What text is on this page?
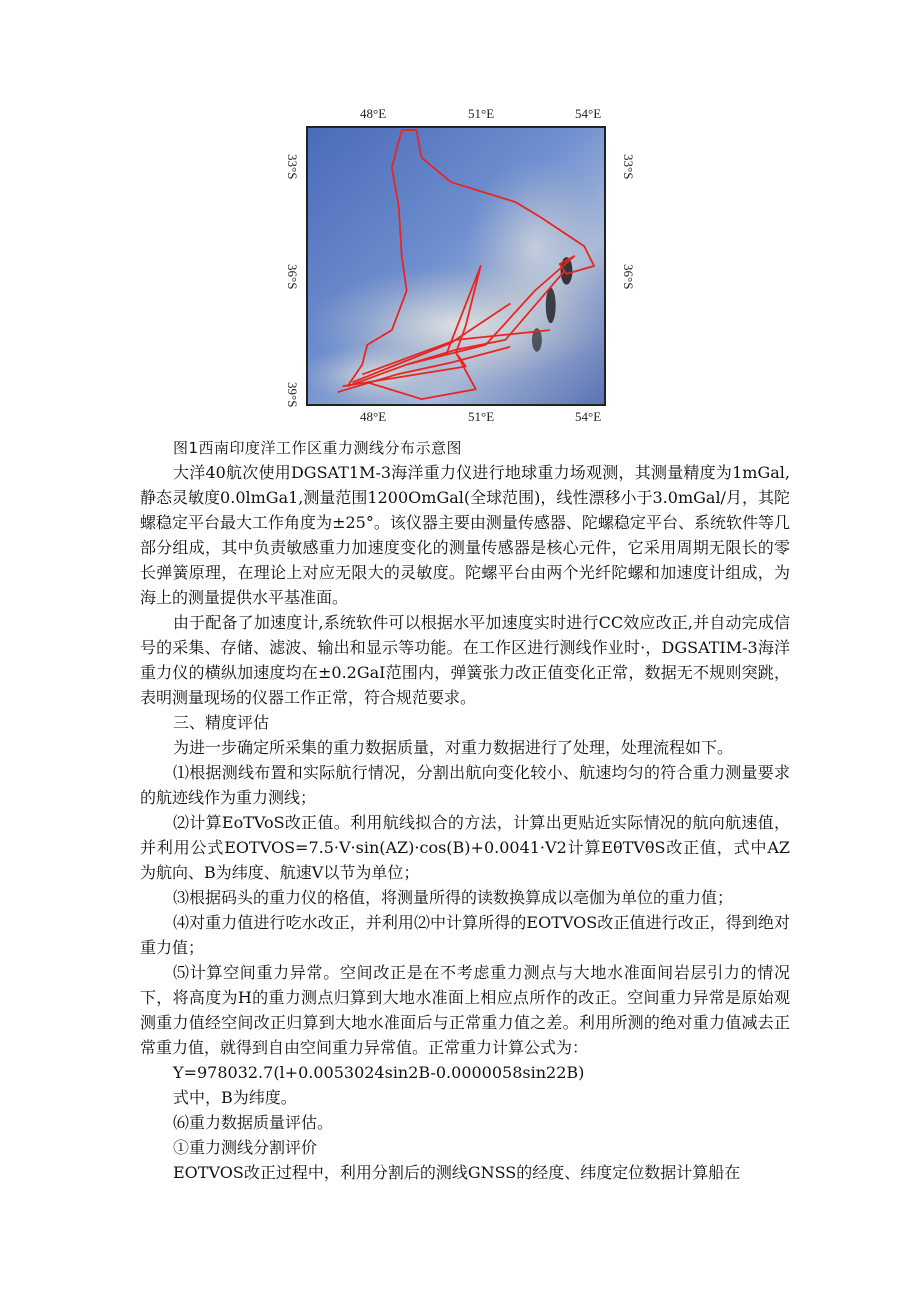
48°E	51°E	54°E
48°E	51°E	54°E
33°S
36°S
39°S
33°S
36°S
图1西南印度洋工作区重力测线分布示意图

大洋40航次使用DGSAT1M-3海洋重力仪进行地球重力场观测，其测量精度为1mGal,静态灵敏度0.0lmGa1,测量范围1200OmGal(全球范围)，线性漂移小于3.0mGal/月，其陀螺稳定平台最大工作角度为±25°。该仪器主要由测量传感器、陀螺稳定平台、系统软件等几部分组成，其中负责敏感重力加速度变化的测量传感器是核心元件，它采用周期无限长的零长弹簧原理，在理论上对应无限大的灵敏度。陀螺平台由两个光纤陀螺和加速度计组成，为海上的测量提供水平基准面。

由于配备了加速度计,系统软件可以根据水平加速度实时进行CC效应改正,并自动完成信号的采集、存储、滤波、输出和显示等功能。在工作区进行测线作业时·，DGSATIM-3海洋重力仪的横纵加速度均在±0.2GaI范围内，弹簧张力改正值变化正常，数据无不规则突跳，表明测量现场的仪器工作正常，符合规范要求。

三、精度评估

为进一步确定所采集的重力数据质量，对重力数据进行了处理，处理流程如下。

⑴根据测线布置和实际航行情况，分割出航向变化较小、航速均匀的符合重力测量要求的航迹线作为重力测线；

⑵计算EoTVoS改正值。利用航线拟合的方法，计算出更贴近实际情况的航向航速值，并利用公式EOTVOS=7.5·V·sin(AZ)·cos(B)+0.0041·V2计算EθTVθS改正值，式中AZ为航向、B为纬度、航速V以节为单位；

⑶根据码头的重力仪的格值，将测量所得的读数换算成以亳伽为单位的重力值；

⑷对重力值进行吃水改正，并利用⑵中计算所得的EOTVOS改正值进行改正，得到绝对重力值；

⑸计算空间重力异常。空间改正是在不考虑重力测点与大地水准面间岩层引力的情况下，将高度为H的重力测点归算到大地水准面上相应点所作的改正。空间重力异常是原始观测重力值经空间改正归算到大地水准面后与正常重力值之差。利用所测的绝对重力值减去正常重力值，就得到自由空间重力异常值。正常重力计算公式为：

Y=978032.7(l+0.0053024sin2B-0.0000058sin22B)

式中，B为纬度。

⑹重力数据质量评估。

①重力测线分割评价

EOTVOS改正过程中，利用分割后的测线GNSS的经度、纬度定位数据计算船在
